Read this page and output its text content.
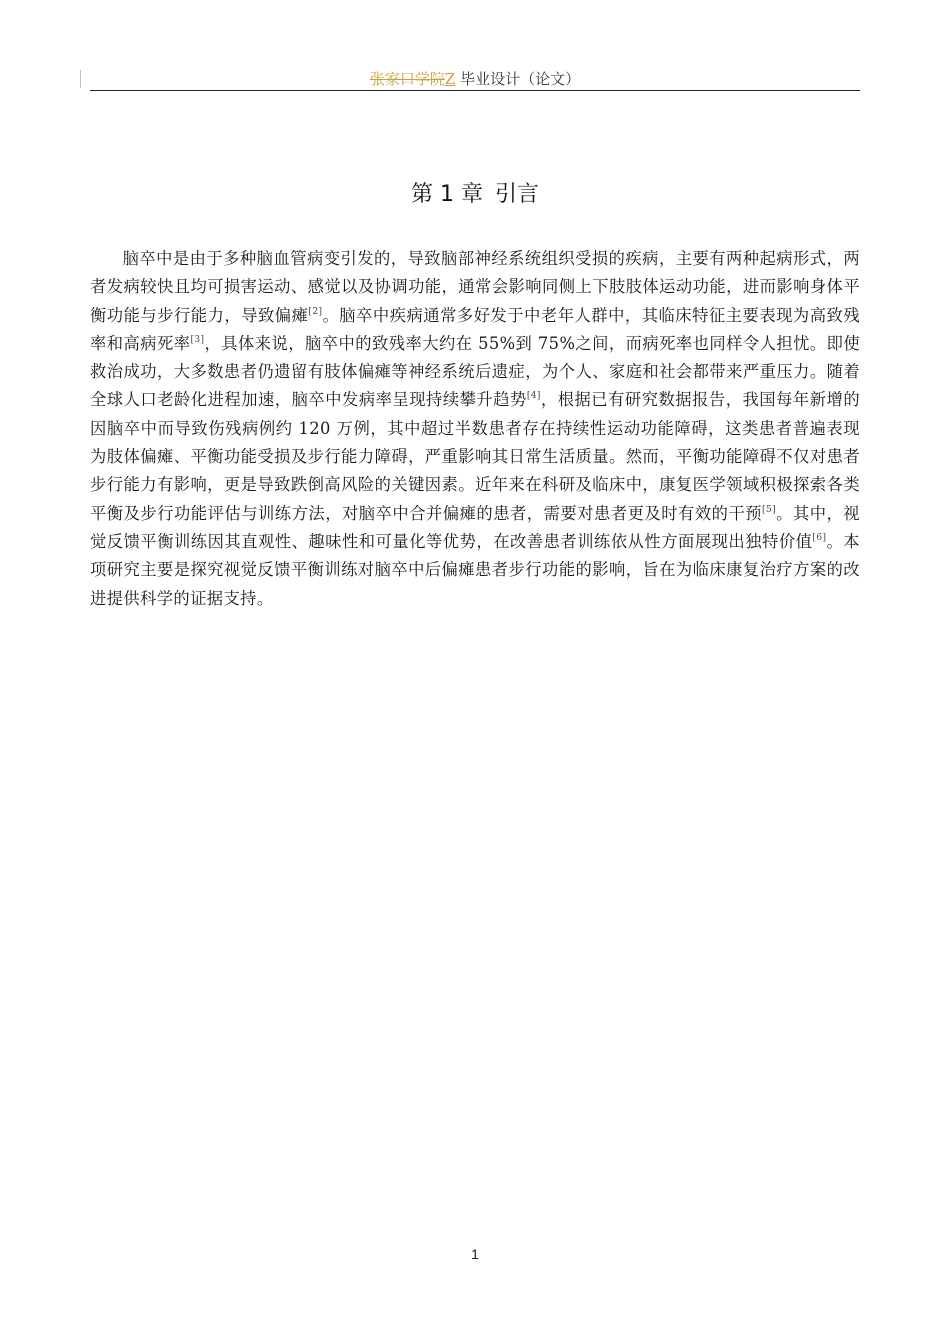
张家口学院Z 毕业设计（论文）
第 1 章 引言

脑卒中是由于多种脑血管病变引发的，导致脑部神经系统组织受损的疾病，主要有两种起病形式，两者发病较快且均可损害运动、感觉以及协调功能，通常会影响同侧上下肢肢体运动功能，进而影响身体平衡功能与步行能力，导致偏瘫[2]。脑卒中疾病通常多好发于中老年人群中，其临床特征主要表现为高致残率和高病死率[3]，具体来说，脑卒中的致残率大约在 55%到 75%之间，而病死率也同样令人担忧。即使救治成功，大多数患者仍遗留有肢体偏瘫等神经系统后遗症，为个人、家庭和社会都带来严重压力。随着全球人口老龄化进程加速，脑卒中发病率呈现持续攀升趋势[4]，根据已有研究数据报告，我国每年新增的因脑卒中而导致伤残病例约 120 万例，其中超过半数患者存在持续性运动功能障碍，这类患者普遍表现为肢体偏瘫、平衡功能受损及步行能力障碍，严重影响其日常生活质量。然而，平衡功能障碍不仅对患者步行能力有影响，更是导致跌倒高风险的关键因素。近年来在科研及临床中，康复医学领域积极探索各类平衡及步行功能评估与训练方法，对脑卒中合并偏瘫的患者，需要对患者更及时有效的干预[5]。其中，视觉反馈平衡训练因其直观性、趣味性和可量化等优势，在改善患者训练依从性方面展现出独特价值[6]。本项研究主要是探究视觉反馈平衡训练对脑卒中后偏瘫患者步行功能的影响，旨在为临床康复治疗方案的改进提供科学的证据支持。

1
